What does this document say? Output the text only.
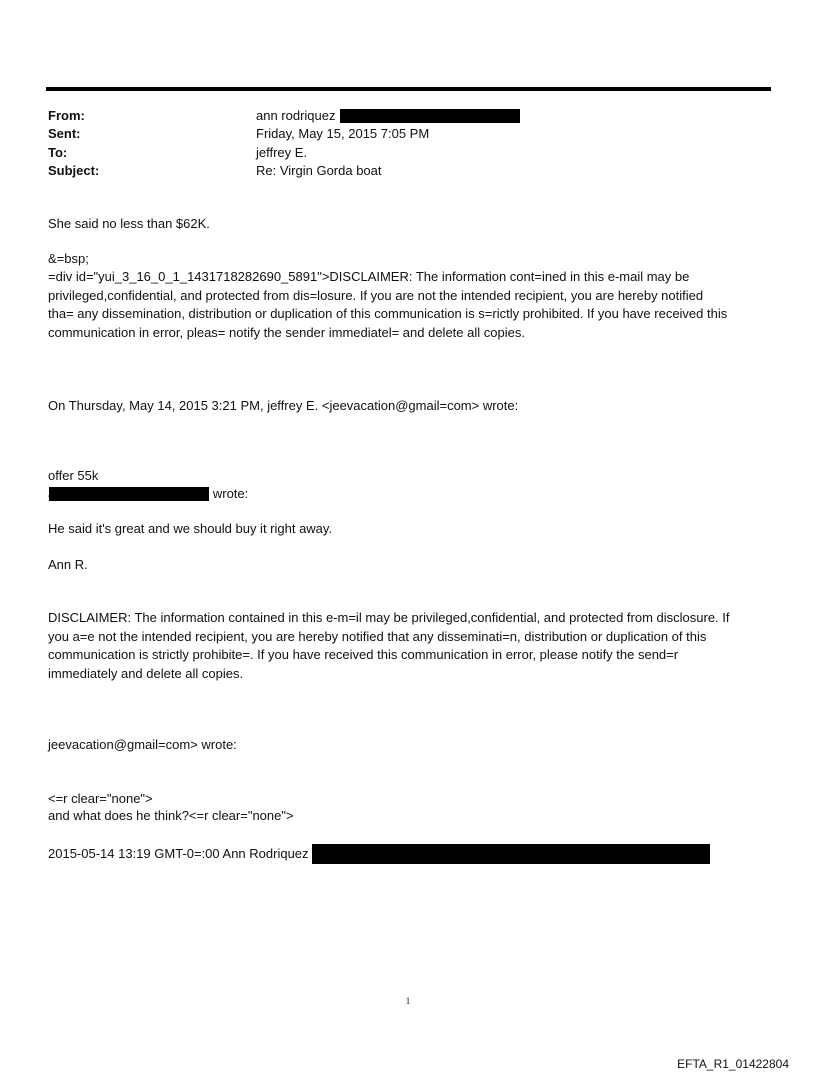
From:	ann rodriquez
Sent:	Friday, May 15, 2015 7:05 PM
To:	jeffrey E.
Subject:	Re: Virgin Gorda boat
She said no less than $62K.
&=bsp;
=div id="yui_3_16_0_1_1431718282690_5891">DISCLAIMER: The information cont=ined in this e-mail may be
privileged,confidential, and protected from dis=losure. If you are not the intended recipient, you are hereby notified
tha= any dissemination, distribution or duplication of this communication is s=rictly prohibited. If you have received this
communication in error, pleas= notify the sender immediatel= and delete all copies.
On Thursday, May 14, 2015 3:21 PM, jeffrey E. <jeevacation@gmail=com> wrote:
offer 55k
wrote:
He said it's great and we should buy it right away.
Ann R.
DISCLAIMER: The information contained in this e-m=il may be privileged,confidential, and protected from disclosure. If
you a=e not the intended recipient, you are hereby notified that any disseminati=n, distribution or duplication of this
communication is strictly prohibite=. If you have received this communication in error, please notify the send=r
immediately and delete all copies.
jeevacation@gmail=com> wrote:
<=r clear="none">
and what does he think?<=r clear="none">
2015-05-14 13:19 GMT-0=:00 Ann Rodriquez
1
EFTA_R1_01422804
